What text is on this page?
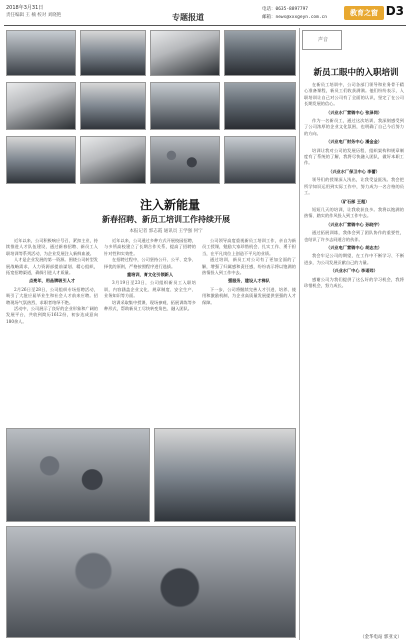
2018年3月31日
责任编辑 王 楠 校对 刘晓艳	专题报道
电话：0635-8897797
邮箱：news@xxxgeyn.com.cn
教育之窗 D3
注入新能量
新春招聘、新员工培训工作持续开展
本报记者 郭志霞 通讯员 王学强 何宁

近年以来，公司积极响应号召，紧扣主业，持续推进人才队伍建设，通过新春招聘、新员工入职培训等系列活动，为企业发展注入新鲜血液。

人才是企业发展的第一资源。围绕公司转型发展战略需求，人力资源部提前谋划、精心组织，拓宽招聘渠道，确保引进人才质量。

点亮年，用品牌吸引人才

2月26日至28日，公司组织专场招聘活动，吸引了大批应届毕业生和社会人才前来应聘。招聘现场气氛热烈，求职者络绎不绝。

活动中，公司展示了良好的企业形象和广阔的发展平台，共收到简历1612份，初步达成意向180余人。

近年以来，公司通过多种方式开展校园招聘，与多所高校建立了长期合作关系，提高了招聘的针对性和实效性。

在招聘过程中，公司坚持公开、公平、竞争、择优的原则，严格按照程序进行选拔。

重培训，育文化引领新人

3月19日至23日，公司组织新员工入职培训，内容涵盖企业文化、规章制度、安全生产、业务知识等方面。

培训采取集中授课、现场参观、拓展训练等多种形式，帮助新员工尽快转变角色、融入团队。

公司领导高度重视新员工培训工作，亲自为新员工授课，勉励大家珍惜机会、扎实工作、勇于担当，在平凡岗位上创造不平凡的业绩。

通过培训，新员工对公司有了更加全面的了解，增强了归属感和责任感，纷纷表示将以饱满的热情投入到工作中去。

强服务，建设人才梯队

下一步，公司将继续完善人才引进、培养、使用和激励机制，为企业高质量发展提供坚强的人才保障。

声音
新员工眼中的入职培训

在新员工培训中，公司各部门领导和业务骨干精心准备课程，新员工们收获满满。他们纷纷表示，入职培训让自己对公司有了全面的认识，坚定了在公司长期发展的信心。

（兴业水厂营销中心 张泽同）

作为一名新员工，通过这次培训，我深刻感受到了公司浓厚的企业文化氛围，也明确了自己今后努力的方向。

（兴业电厂财务中心 潘金金）

培训让我对公司的发展历程、组织架构和规章制度有了系统的了解，我将尽快融入团队，做好本职工作。

（兴业水厂保卫中心 李蕾）

领导们的授课深入浅出，让我受益匪浅。我会把所学知识运用到实际工作中，努力成为一名合格的员工。

（矿石部 王超）

短短几天的培训，让我收获良多。我将以饱满的热情、踏实的作风投入到工作中去。

（兴业水厂营销中心 孙晓宇）

通过拓展训练，我体会到了团队协作的重要性，也结识了许多志同道合的伙伴。

（兴业电厂营销中心 胡志杰）

我会牢记公司的期望，在工作中不断学习、不断进步，为公司发展贡献自己的力量。

（兴业水厂中心 李诺玮）

感谢公司为我们提供了这么好的学习机会，我将珍惜机会，努力成长。

（金华电站 郭亚文）
